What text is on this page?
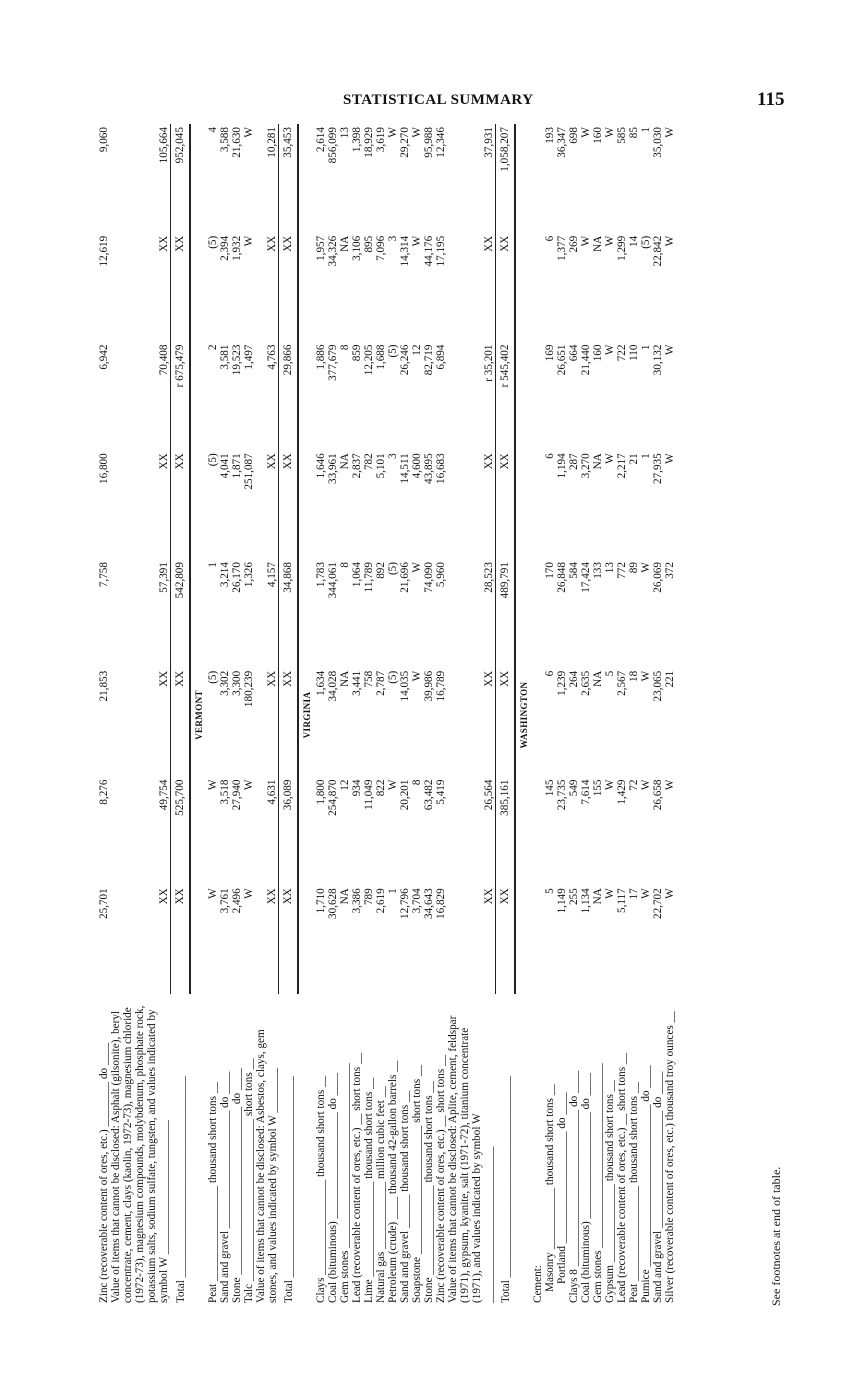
STATISTICAL SUMMARY	115
Zinc (recoverable content of ores, etc.) ________ do ____	25,701	8,276	21,853	7,758	16,800	6,942	12,619	9,060
Value of items that cannot be disclosed: Asphalt (gilsonite), beryl concentrate, cement, clays (kaolin, 1972-73), magnesium chloride (1972-73), magnesium compounds, molybdenum, phosphate rock, potassium salts, sodium sulfate, tungsten, and values indicated by symbol W ________________________	XX	49,754	XX	57,391	XX	70,408	XX	105,664
Total ____________________________________	XX	525,700	XX	542,809	XX	r 675,479	XX	952,045
VERMONT								
Peat _________________ thousand short tons __	W	W	(5)	1	(5)	2	(5)	4
Sand and gravel _____________________ do ____	3,761	3,518	3,302	3,214	4,041	3,581	2,394	3,588
Stone ______________________________ do ____	2,496	27,940	3,300	26,170	1,871	19,523	1,932	21,630
Talc _____________________________ short tons __	W	W	180,239	1,326	251,087	1,497	W	W
Value of items that cannot be disclosed: Asbestos, clays, gem stones, and values indicated by symbol W ________	XX	4,631	XX	4,157	XX	4,763	XX	10,281
Total ____________________________________	XX	36,089	XX	34,868	XX	29,866	XX	35,453
VIRGINIA								
Clays _________________ thousand short tons __	1,710	1,800	1,634	1,783	1,646	1,886	1,957	2,614
Coal (bituminous) ___________________ do ____	30,628	254,870	34,028	344,061	33,961	377,679	34,326	856,099
Gem stones _________________________________	NA	12	NA	8	NA	8	NA	13
Lead (recoverable content of ores, etc.) __ short tons __	3,386	934	3,441	1,064	2,837	859	3,106	1,398
Lime _________________ thousand short tons __	789	11,049	758	11,789	782	12,205	895	18,929
Natural gas ____________ million cubic feet __	2,619	822	2,787	892	5,101	1,688	7,096	3,619
Petroleum (crude) ____ thousand 42-gallon barrels __	1	W	(5)	(5)	3	(5)	3	W
Sand and gravel ______ thousand short tons __	12,796	20,201	14,035	21,696	14,511	26,246	14,314	29,270
Soapstone _______________________ short tons __	3,704	8	W	W	4,600	12	W	W
Stone ________________ thousand short tons __	34,643	63,482	39,986	74,090	43,895	82,719	44,176	95,988
Zinc (recoverable content of ores, etc.) __ short tons __	16,829	5,419	16,789	5,960	16,683	6,894	17,195	12,346
Value of items that cannot be disclosed: Aplite, cement, feldspar (1971), gypsum, kyanite, salt (1971-72), titanium concentrate (1971), and values indicated by symbol W ____________________________	XX	26,564	XX	28,523	XX	r 35,201	XX	37,931
Total ____________________________________	XX	385,161	XX	489,791	XX	r 545,402	XX	1,058,207
WASHINGTON								
Cement:								
Masonry ___________ thousand short tons __	5	145	6	170	6	169	6	193
Portland ____________________ do ____	1,149	23,735	1,239	26,848	1,194	26,651	1,377	36,347
Clays 8 ____________________________ do ____	255	549	264	584	287	664	269	698
Coal (bituminous) ___________________ do ____	1,134	7,614	2,635	17,424	3,270	21,440	W	W
Gem stones _________________________________	NA	155	NA	133	NA	160	NA	160
Gypsum ______________ thousand short tons __	W	W	5	13	W	W	W	W
Lead (recoverable content of ores, etc.) __ short tons __	5,117	1,429	2,567	772	2,217	722	1,299	585
Peat _________________ thousand short tons __	17	72	18	89	21	110	14	85
Pumice _____________________________ do ____	W	W	W	W	1	1	(5)	1
Sand and gravel _____________________ do ____	22,702	26,658	23,065	26,069	27,935	30,132	22,842	35,030
Silver (recoverable content of ores, etc.) thousand troy ounces __	W	W	221	372	W	W	W	W
See footnotes at end of table.
